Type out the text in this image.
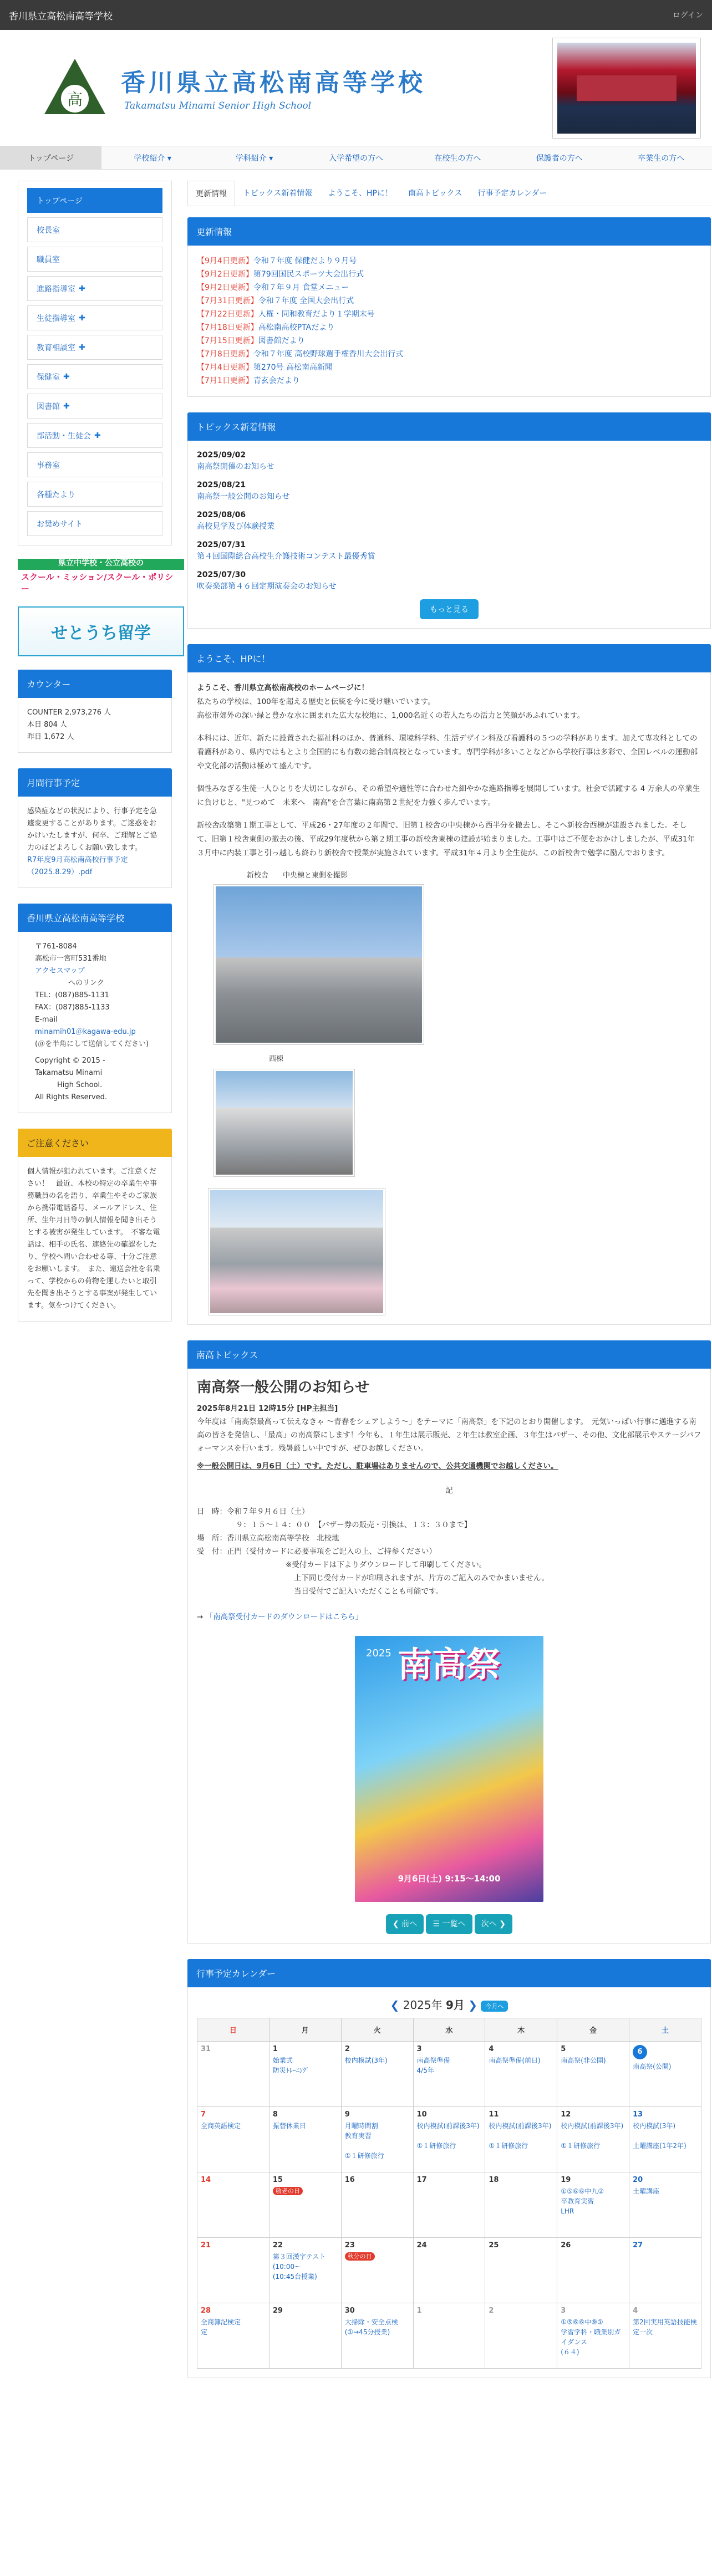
香川県立高松南高等学校	ログイン
高
香川県立高松南高等学校
Takamatsu Minami Senior High School
トップページ	学校紹介 ▾	学科紹介 ▾	入学希望の方へ	在校生の方へ	保護者の方へ	卒業生の方へ
トップページ
校長室
職員室
進路指導室 ✚
生徒指導室 ✚
教育相談室 ✚
保健室 ✚
図書館 ✚
部活動・生徒会 ✚
事務室
各種たより
お奨めサイト
県立中学校・公立高校の
スクール・ミッション/スクール・ポリシー
せとうち留学
カウンター
COUNTER 2,973,276 人
本日 804 人
昨日 1,672 人
月間行事予定
感染症などの状況により、行事予定を急遽変更することがあります。ご迷惑をおかけいたしますが、何卒、ご理解とご協力のほどよろしくお願い致します。
R7年度9月高松南高校行事予定（2025.8.29）.pdf
香川県立高松南高等学校
〒761-8084
高松市一宮町531番地
アクセスマップ
へのリンク
TEL：(087)885-1131
FAX：(087)885-1133
E-mail
minamih01＠kagawa-edu.jp
(＠を半角にして送信してください)
Copyright © 2015 -
Takamatsu Minami
High School.
All Rights Reserved.
ご注意ください
個人情報が狙われています。ご注意ください！　最近、本校の特定の卒業生や事務職員の名を語り、卒業生やそのご家族から携帯電話番号、メールアドレス、住所、生年月日等の個人情報を聞き出そうとする被害が発生しています。　不審な電話は、相手の氏名、連絡先の確認をしたり、学校へ問い合わせる等、十分ご注意をお願いします。　また、遠送会社を名乗って、学校からの荷物を運したいと取引先を聞き出そうとする事案が発生しています。気をつけてください。
更新情報	トピックス新着情報	ようこそ、HPに！	南高トピックス	行事予定カレンダー
更新情報
【9月4日更新】令和７年度 保健だより９月号
【9月2日更新】第79回国民スポーツ大会出行式
【9月2日更新】令和７年９月 食堂メニュー
【7月31日更新】令和７年度 全国大会出行式
【7月22日更新】人権・同和教育だより１学期末号
【7月18日更新】高松南高校PTAだより
【7月15日更新】図書館だより
【7月8日更新】令和７年度 高校野球選手権香川大会出行式
【7月4日更新】第270号 高松南高新聞
【7月1日更新】青玄会だより
トピックス新着情報
2025/09/02
南高祭開催のお知らせ
2025/08/21
南高祭一般公開のお知らせ
2025/08/06
高校見学及び体験授業
2025/07/31
第４回国際総合高校生介護技術コンテスト最優秀賞
2025/07/30
吹奏楽部第４６回定期演奏会のお知らせ
もっと見る
ようこそ、HPに！

ようこそ、香川県立高松南高校のホームページに！
私たちの学校は、100年を超える歴史と伝統を今に受け継いでいます。
高松市郊外の深い緑と豊かな水に囲まれた広大な校地に、1,000名近くの若人たちの活力と笑顔があふれています。

本科には、近年、新たに設置された福祉科のほか、普通科、環境科学科、生活デザイン科及び看護科の５つの学科があります。加えて専攻科としての看護科があり、県内ではもとより全国的にも有数の総合制高校となっています。専門学科が多いことなどから学校行事は多彩で、全国レベルの運動部や文化部の活動は極めて盛んです。

個性みなぎる生徒一人ひとりを大切にしながら、その希望や適性等に合わせた細やかな進路指導を展開しています。社会で活躍する 4 万余人の卒業生に負けじと、"見つめて　未来へ　南高"を合言葉に南高第２世紀を力強く歩んでいます。

新校舎改築第１期工事として、平成26・27年度の２年間で、旧第１校舎の中央棟から西半分を撤去し、そこへ新校舎西棟が建設されました。そして、旧第１校舎東側の撤去の後、平成29年度秋から第２期工事の新校舎東棟の建設が始まりました。工事中はご不便をおかけしましたが、平成31年３月中に内装工事と引っ越しも終わり新校舎で授業が実施されています。平成31年４月より全生徒が、この新校舎で勉学に励んでおります。

新校舎　　中央棟と東側を撮影
西棟
南高トピックス
南高祭一般公開のお知らせ
2025年8月21日 12時15分 [HP主担当]

今年度は「南高祭最高って伝えなきゃ ～青春をシェアしよう～」をテーマに「南高祭」を下記のとおり開催します。　元気いっぱい行事に邁進する南高の皆さを発信し、「最高」の南高祭にします！今年も、１年生は展示販売、２年生は教室企画、３年生はバザー、その他、文化部展示やステージパフォーマンスを行います。残暑厳しい中ですが、ぜひお越しください。

※一般公開日は、9月6日（土）です。ただし、駐車場はありませんので、公共交通機関でお越しください。

記
日　時：令和７年９月６日（土）
９：１５～１４：００　【バザー券の販売・引換は、１３：３０まで】
場　所：香川県立高松南高等学校　北校地
受　付：正門（受付カードに必要事項をご記入の上、ご持参ください）
※受付カードは下よりダウンロードして印刷してください。
上下同じ受付カードが印刷されますが、片方のご記入のみでかまいません。
当日受付でご記入いただくことも可能です。
→ 「南高祭受付カードのダウンロードはこちら」
南高祭
2025
9月6日(土) 9:15〜14:00
❮ 前へ ☰ 一覧へ 次へ ❯
行事予定カレンダー
❮ 2025年 9月 ❯ 今月へ
日	月	火	水	木	金	土

31	1
始業式
防災ﾄﾚｰﾆﾝｸﾞ	2
校内模試(3年)	3
南高祭準備
4/5年	4
南高祭準備(前日)	5
南高祭(非公開)	6
南高祭(公開)

7
全商英語検定	8
振替休業日	9
月曜時間割
教育実習

①１研修旅行	10
校内模試(前課後3年)

①１研修旅行	11
校内模試(前課後3年)

①１研修旅行	12
校内模試(前課後3年)

①１研修旅行	13
校内模試(3年)

土曜講座(1年2年)

14	15
敬老の日	16	17	18	19
①⑤⑥⑥中九②
卒教育実習
LHR	20
土曜講座

21	22
第３回漢字テスト(10:00~
(10:45台授業)	23
秋分の日	24	25	26	27

28
全商簿記検定
定	29	30
大掃除・安全点検(①→45分授業)	1	2	3
①⑤⑥⑥中⑨①
学習学科・職業別ガイダンス
(６４)	4
第2回実用英語技能検定一次
